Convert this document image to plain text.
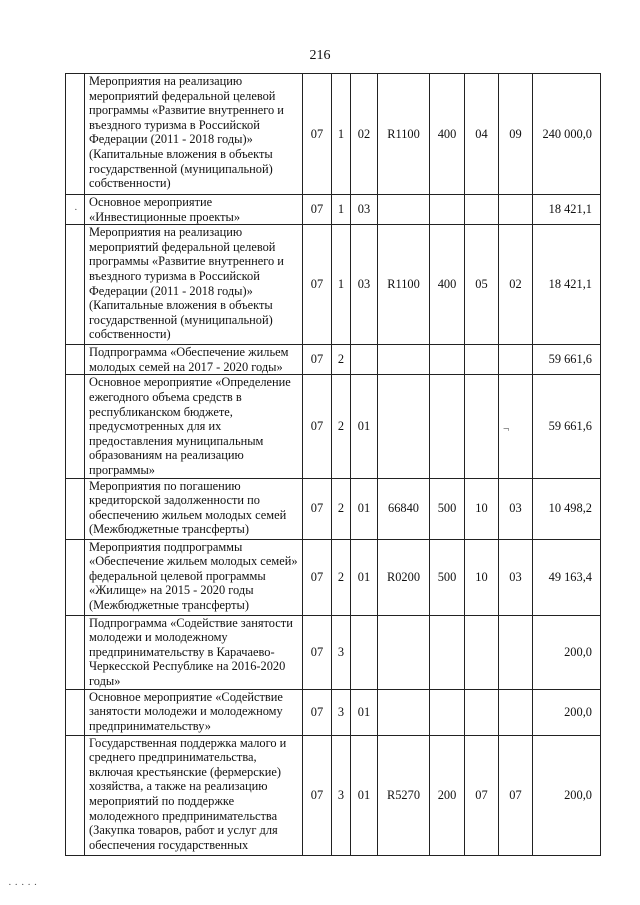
216
	Мероприятия на реализацию мероприятий федеральной целевой программы «Развитие внутреннего и въездного туризма в Российской Федерации (2011 - 2018 годы)» (Капитальные вложения в объекты государственной (муниципальной) собственности)	07	1	02	R1100	400	04	09	240 000,0
	Основное мероприятие «Инвестиционные проекты»	07	1	03					18 421,1
	Мероприятия на реализацию мероприятий федеральной целевой программы «Развитие внутреннего и въездного туризма в Российской Федерации (2011 - 2018 годы)» (Капитальные вложения в объекты государственной (муниципальной) собственности)	07	1	03	R1100	400	05	02	18 421,1
	Подпрограмма «Обеспечение жильем молодых семей на 2017 - 2020 годы»	07	2						59 661,6
	Основное мероприятие «Определение ежегодного объема средств в республиканском бюджете, предусмотренных для их предоставления муниципальным образованиям на реализацию программы»	07	2	01					59 661,6
	Мероприятия по погашению кредиторской задолженности по обеспечению жильем молодых семей (Межбюджетные трансферты)	07	2	01	66840	500	10	03	10 498,2
	Мероприятия подпрограммы «Обеспечение жильем молодых семей» федеральной целевой программы «Жилище» на 2015 - 2020 годы (Межбюджетные трансферты)	07	2	01	R0200	500	10	03	49 163,4
	Подпрограмма «Содействие занятости молодежи и молодежному предпринимательству в Карачаево-Черкесской Республике на 2016-2020 годы»	07	3						200,0
	Основное мероприятие «Содействие занятости молодежи и молодежному предпринимательству»	07	3	01					200,0
	Государственная поддержка малого и среднего предпринимательства, включая крестьянские (фермерские) хозяйства, а также на реализацию мероприятий по поддержке молодежного предпринимательства (Закупка товаров, работ и услуг для обеспечения государственных	07	3	01	R5270	200	07	07	200,0
·
¬
· · · · ·
